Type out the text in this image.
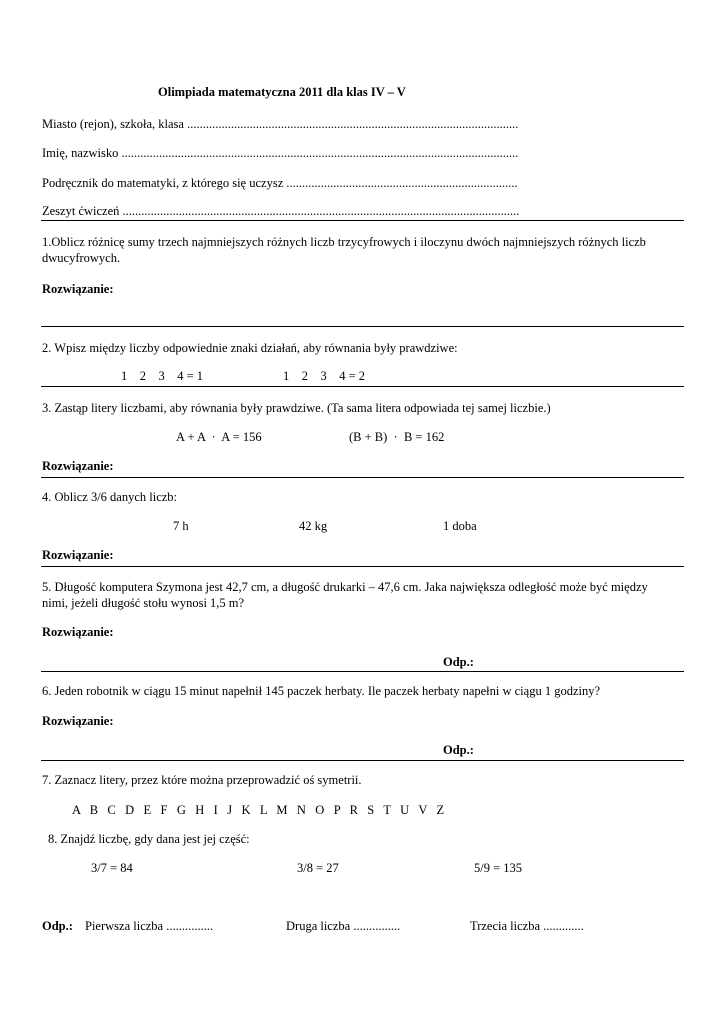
Olimpiada matematyczna 2011 dla klas IV – V
Miasto (rejon), szkoła, klasa ..........................................................................................................
Imię, nazwisko ...............................................................................................................................
Podręcznik do matematyki, z którego się uczysz ..........................................................................
Zeszyt ćwiczeń ...............................................................................................................................
1.Oblicz różnicę sumy trzech najmniejszych różnych liczb trzycyfrowych i iloczynu dwóch najmniejszych różnych liczb
dwucyfrowych.
Rozwiązanie:
2. Wpisz między liczby odpowiednie znaki działań, aby równania były prawdziwe:
1    2    3    4 = 1	1    2    3    4 = 2
3. Zastąp litery liczbami, aby równania były prawdziwe. (Ta sama litera odpowiada tej samej liczbie.)
A + A  ·  A = 156	(B + B)  ·  B = 162
Rozwiązanie:
4. Oblicz 3/6 danych liczb:
7 h	42 kg	1 doba
Rozwiązanie:
5. Długość komputera Szymona jest 42,7 cm, a długość drukarki – 47,6 cm. Jaka największa odległość może być między
nimi, jeżeli długość stołu wynosi 1,5 m?
Rozwiązanie:
Odp.:
6. Jeden robotnik w ciągu 15 minut napełnił 145 paczek herbaty. Ile paczek herbaty napełni w ciągu 1 godziny?
Rozwiązanie:
Odp.:
7. Zaznacz litery, przez które można przeprowadzić oś symetrii.
A   B   C   D   E   F   G   H   I   J   K   L   M   N   O   P   R   S   T   U   V   Z
8. Znajdź liczbę, gdy dana jest jej część:
3/7 = 84	3/8 = 27	5/9 = 135
Odp.: Pierwsza liczba ...............	Druga liczba ...............	Trzecia liczba .............
